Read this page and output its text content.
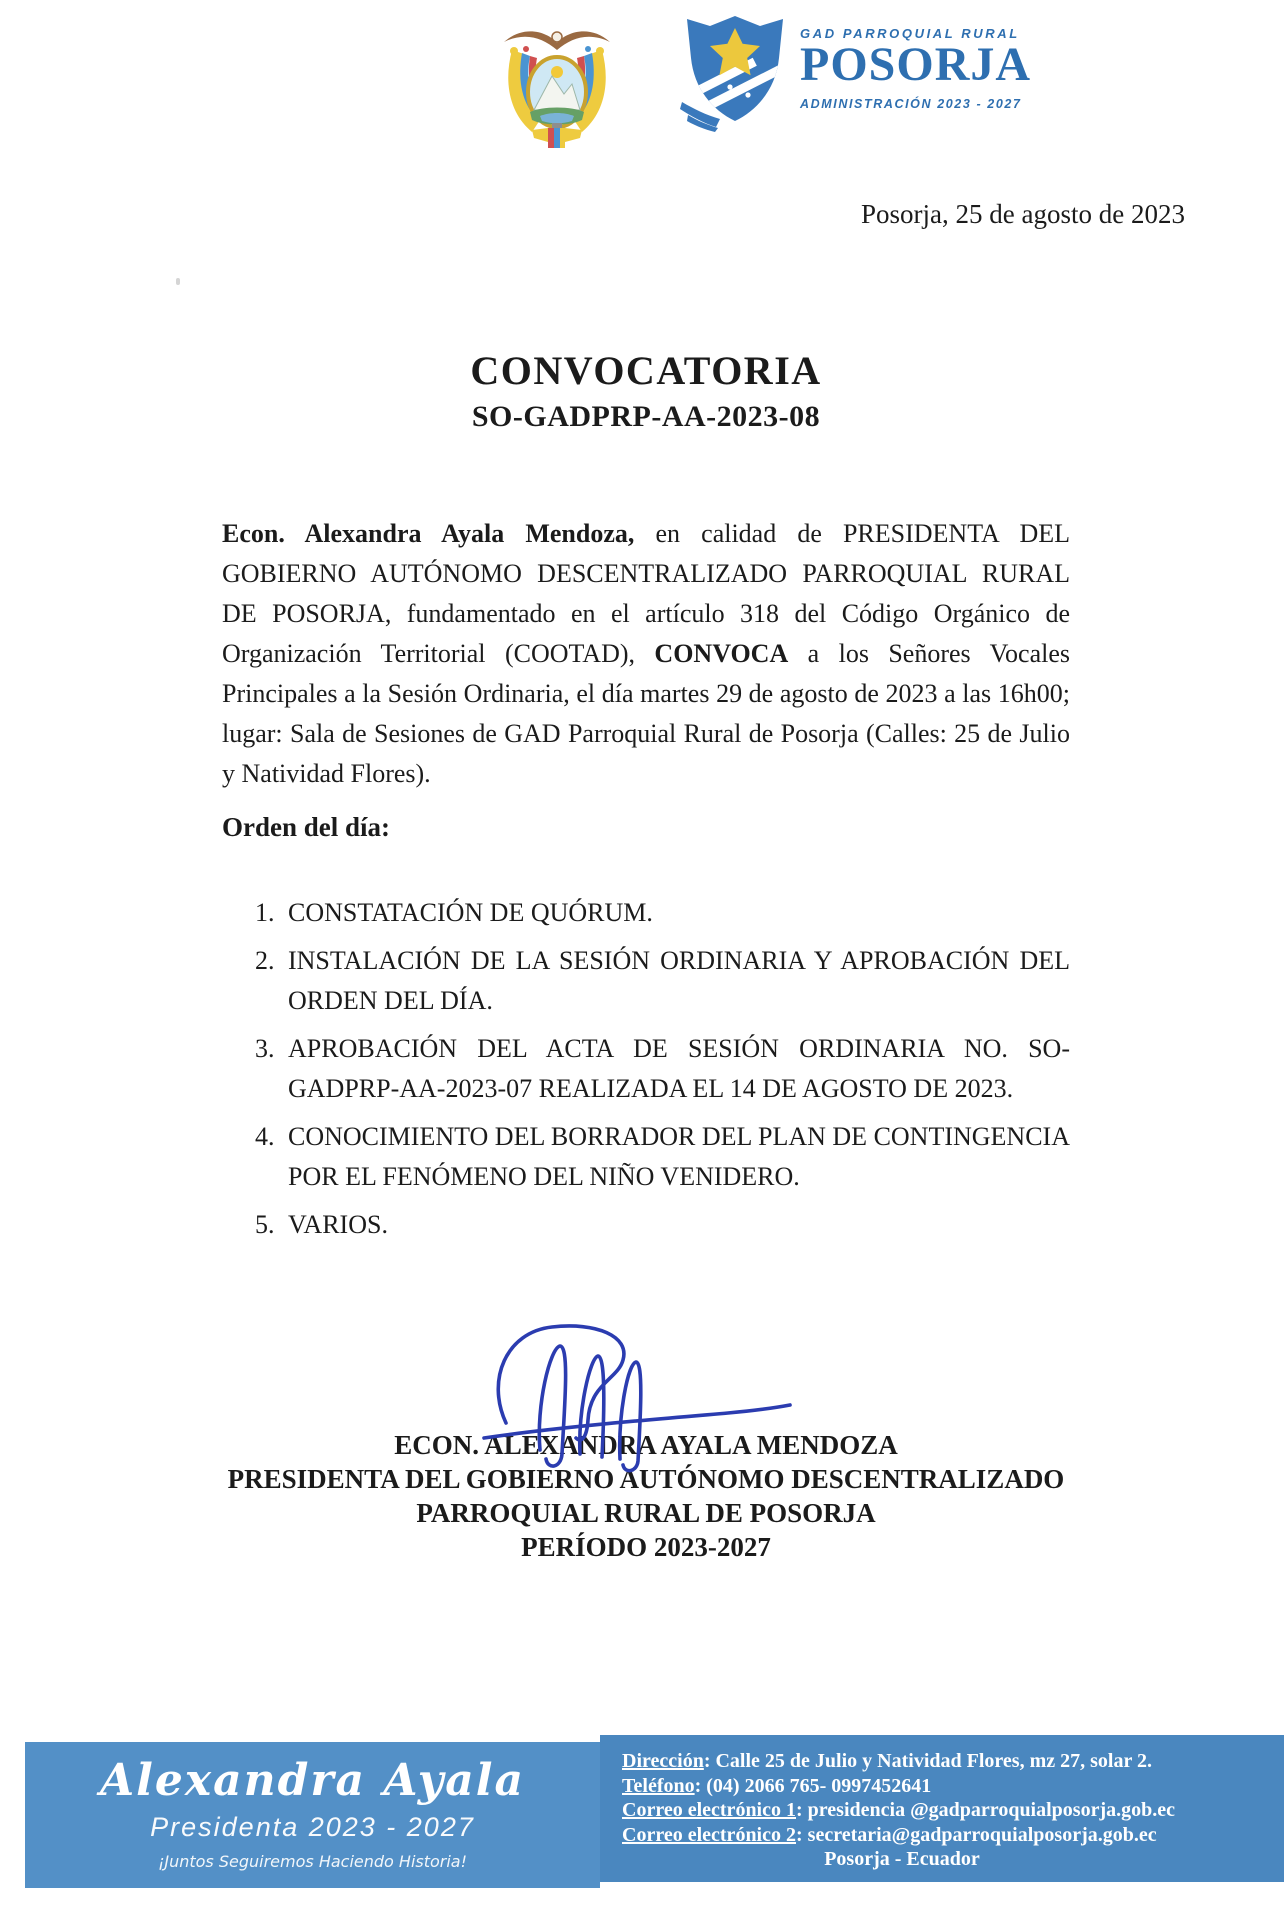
GAD PARROQUIAL RURAL
POSORJA
ADMINISTRACIÓN 2023 - 2027
Posorja, 25 de agosto de 2023
CONVOCATORIA
SO-GADPRP-AA-2023-08

Econ. Alexandra Ayala Mendoza, en calidad de PRESIDENTA DEL GOBIERNO AUTÓNOMO DESCENTRALIZADO PARROQUIAL RURAL DE POSORJA, fundamentado en el artículo 318 del Código Orgánico de Organización Territorial (COOTAD), CONVOCA a los Señores Vocales Principales a la Sesión Ordinaria, el día martes 29 de agosto de 2023 a las 16h00; lugar: Sala de Sesiones de GAD Parroquial Rural de Posorja (Calles: 25 de Julio y Natividad Flores).

Orden del día:
1. CONSTATACIÓN DE QUÓRUM.
2. INSTALACIÓN DE LA SESIÓN ORDINARIA Y APROBACIÓN DEL ORDEN DEL DÍA.
3. APROBACIÓN DEL ACTA DE SESIÓN ORDINARIA NO. SO-GADPRP-AA-2023-07 REALIZADA EL 14 DE AGOSTO DE 2023.
4. CONOCIMIENTO DEL BORRADOR DEL PLAN DE CONTINGENCIA POR EL FENÓMENO DEL NIÑO VENIDERO.
5. VARIOS.
ECON. ALEXANDRA AYALA MENDOZA
PRESIDENTA DEL GOBIERNO AUTÓNOMO DESCENTRALIZADO
PARROQUIAL RURAL DE POSORJA
PERÍODO 2023-2027
Alexandra Ayala
Presidenta 2023 - 2027
¡Juntos Seguiremos Haciendo Historia!
Dirección: Calle 25 de Julio y Natividad Flores, mz 27, solar 2.
Teléfono: (04) 2066 765- 0997452641
Correo electrónico 1: presidencia @gadparroquialposorja.gob.ec
Correo electrónico 2: secretaria@gadparroquialposorja.gob.ec
Posorja - Ecuador
